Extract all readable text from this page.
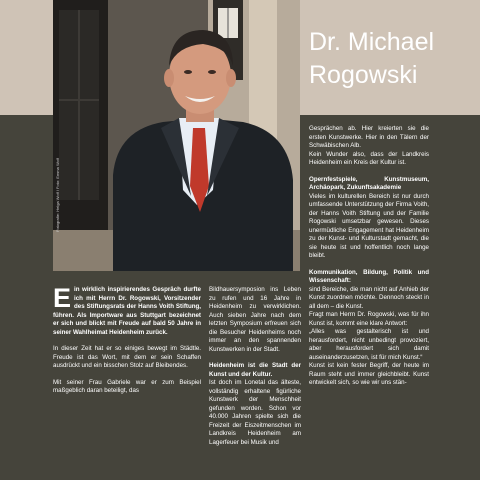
Fotografie: Helga Wolf / Foto: Emma Wolf
Dr. Michael
Rogowski

Ein wirklich inspirierendes Gespräch durfte ich mit Herrn Dr. Rogowski, Vorsitzender des Stiftungsrats der Hanns Voith Stiftung, führen. Als Importware aus Stuttgart bezeichnet er sich und blickt mit Freude auf bald 50 Jahre in seiner Wahlheimat Heidenheim zurück.

In dieser Zeit hat er so einiges bewegt im Städtle. Freude ist das Wort, mit dem er sein Schaffen ausdrückt und ein bisschen Stolz auf Bleibendes.

Mit seiner Frau Gabriele war er zum Beispiel maßgeblich daran beteiligt, das

Bildhauersymposion ins Leben zu rufen und 16 Jahre in Heidenheim zu verwirklichen. Auch sieben Jahre nach dem letzten Symposium erfreuen sich die Besucher Heidenheims noch immer an den spannenden Kunstwerken in der Stadt.

Heidenheim ist die Stadt der Kunst und der Kultur.

Ist doch im Lonetal das älteste, vollständig erhaltene figürliche Kunstwerk der Menschheit gefunden worden. Schon vor 40.000 Jahren spielte sich die Freizeit der Eiszeitmenschen im Landkreis Heidenheim am Lagerfeuer bei Musik und

Gesprächen ab. Hier kreierten sie die ersten Kunstwerke. Hier in den Tälern der Schwäbischen Alb.

Kein Wunder also, dass der Landkreis Heidenheim ein Kreis der Kultur ist.

Opernfestspiele, Kunstmuseum, Archäopark, Zukunftsakademie

Vieles im kulturellen Bereich ist nur durch umfassende Unterstützung der Firma Voith, der Hanns Voith Stiftung und der Familie Rogowski umsetzbar gewesen. Dieses unermüdliche Engagement hat Heidenheim zu der Kunst- und Kulturstadt gemacht, die sie heute ist und hoffentlich noch lange bleibt.

Kommunikation, Bildung, Politik und Wissenschaft:

sind Bereiche, die man nicht auf Anhieb der Kunst zuordnen möchte. Dennoch steckt in all dem – die Kunst.

Fragt man Herrn Dr. Rogowski, was für ihn Kunst ist, kommt eine klare Antwort:

„Alles was gestalterisch ist und herausfordert, nicht unbedingt provoziert, aber herausfordert sich damit auseinanderzusetzen, ist für mich Kunst.“

Kunst ist kein fester Begriff, der heute im Raum steht und immer gleichbleibt. Kunst entwickelt sich, so wie wir uns stän-
